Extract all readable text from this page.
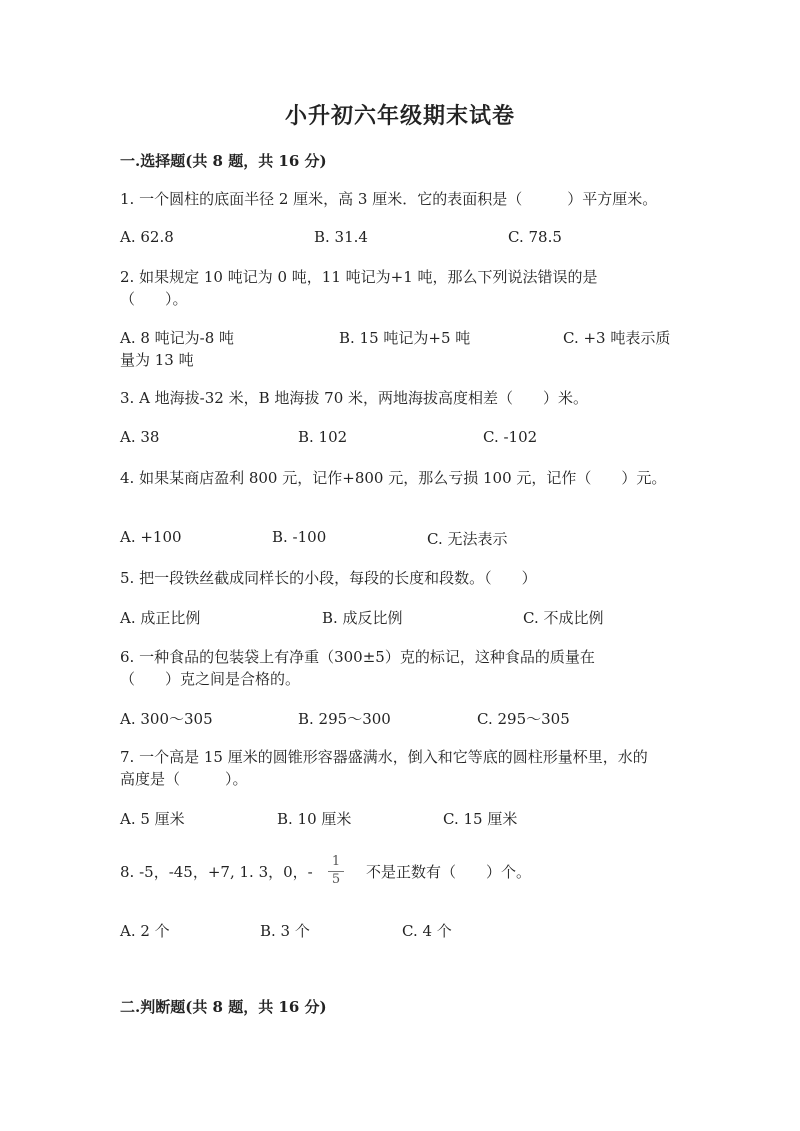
小升初六年级期末试卷
一.选择题(共 8 题，共 16 分)
1. 一个圆柱的底面半径 2 厘米，高 3 厘米．它的表面积是（　　　）平方厘米。
A. 62.8	B. 31.4	C. 78.5
2. 如果规定 10 吨记为 0 吨，11 吨记为+1 吨，那么下列说法错误的是
（　　）。
A. 8 吨记为-8 吨	B. 15 吨记为+5 吨	C. +3 吨表示质
量为 13 吨
3. A 地海拔-32 米，B 地海拔 70 米，两地海拔高度相差（　　）米。
A. 38	B. 102	C. -102
4. 如果某商店盈利 800 元，记作+800 元，那么亏损 100 元，记作（　　）元。
A. +100	B. -100	C. 无法表示
5. 把一段铁丝截成同样长的小段，每段的长度和段数。（　　）
A. 成正比例	B. 成反比例	C. 不成比例
6. 一种食品的包装袋上有净重（300±5）克的标记，这种食品的质量在
（　　）克之间是合格的。
A. 300～305	B. 295～300	C. 295～305
7. 一个高是 15 厘米的圆锥形容器盛满水，倒入和它等底的圆柱形量杯里，水的
高度是（　　　）。
A. 5 厘米	B. 10 厘米	C. 15 厘米
8. -5，-45，+7, 1. 3，0，-
1
5	不是正数有（　　）个。
A. 2 个	B. 3 个	C. 4 个
二.判断题(共 8 题，共 16 分)
